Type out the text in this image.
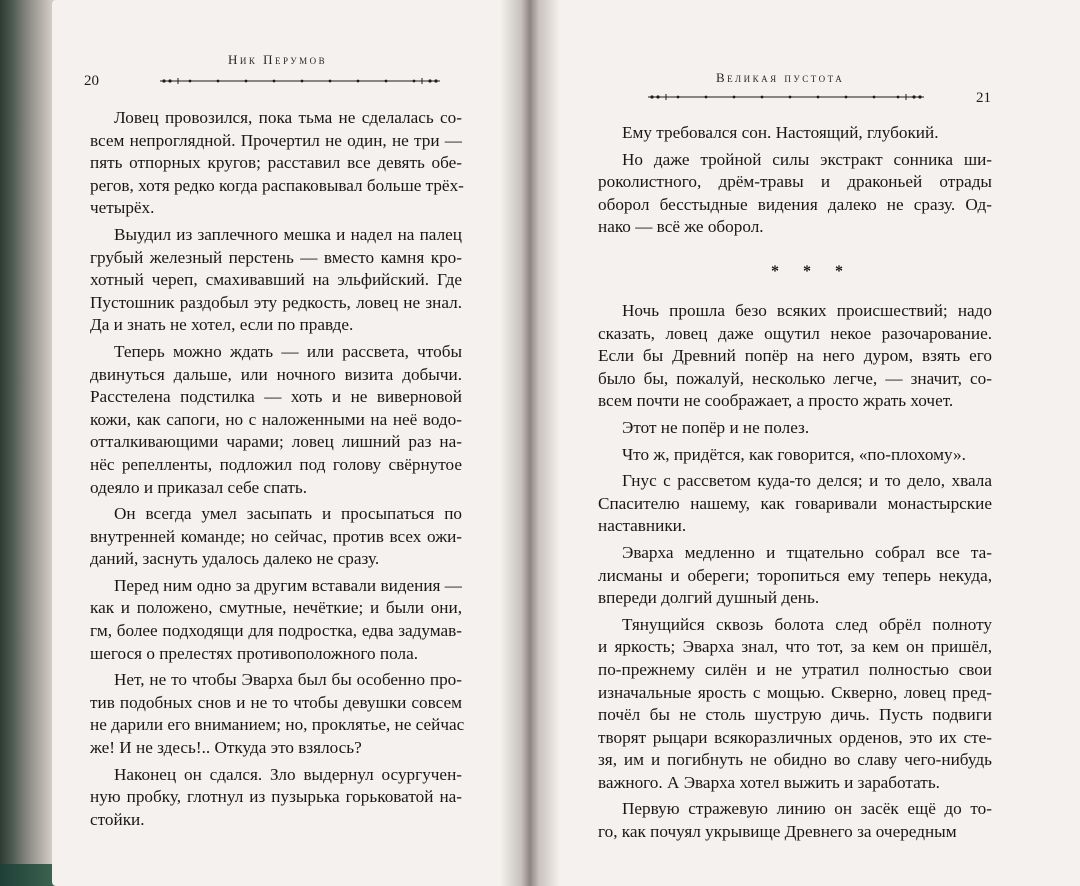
20
Ник Перумов
Великая пустота
21
Ловец провозился, пока тьма не сделалась со-
всем непроглядной. Прочертил не один, не три —
пять отпорных кругов; расставил все девять обе-
регов, хотя редко когда распаковывал больше трёх-
четырёх.
Выудил из заплечного мешка и надел на палец
грубый железный перстень — вместо камня кро-
хотный череп, смахивавший на эльфийский. Где
Пустошник раздобыл эту редкость, ловец не знал.
Да и знать не хотел, если по правде.
Теперь можно ждать — или рассвета, чтобы
двинуться дальше, или ночного визита добычи.
Расстелена подстилка — хоть и не виверновой
кожи, как сапоги, но с наложенными на неё водо-
отталкивающими чарами; ловец лишний раз на-
нёс репелленты, подложил под голову свёрнутое
одеяло и приказал себе спать.
Он всегда умел засыпать и просыпаться по
внутренней команде; но сейчас, против всех ожи-
даний, заснуть удалось далеко не сразу.
Перед ним одно за другим вставали видения —
как и положено, смутные, нечёткие; и были они,
гм, более подходящи для подростка, едва задумав-
шегося о прелестях противоположного пола.
Нет, не то чтобы Эварха был бы особенно про-
тив подобных снов и не то чтобы девушки совсем
не дарили его вниманием; но, проклятье, не сейчас
же! И не здесь!.. Откуда это взялось?
Наконец он сдался. Зло выдернул осургучен-
ную пробку, глотнул из пузырька горьковатой на-
стойки.
Ему требовался сон. Настоящий, глубокий.
Но даже тройной силы экстракт сонника ши-
роколистного, дрём-травы и драконьей отрады
оборол бесстыдные видения далеко не сразу. Од-
нако — всё же оборол.
* * *
Ночь прошла безо всяких происшествий; надо
сказать, ловец даже ощутил некое разочарование.
Если бы Древний попёр на него дуром, взять его
было бы, пожалуй, несколько легче, — значит, со-
всем почти не соображает, а просто жрать хочет.
Этот не попёр и не полез.
Что ж, придётся, как говорится, «по-плохому».
Гнус с рассветом куда-то делся; и то дело, хвала
Спасителю нашему, как говаривали монастырские
наставники.
Эварха медленно и тщательно собрал все та-
лисманы и обереги; торопиться ему теперь некуда,
впереди долгий душный день.
Тянущийся сквозь болота след обрёл полноту
и яркость; Эварха знал, что тот, за кем он пришёл,
по-прежнему силён и не утратил полностью свои
изначальные ярость с мощью. Скверно, ловец пред-
почёл бы не столь шуструю дичь. Пусть подвиги
творят рыцари всякоразличных орденов, это их сте-
зя, им и погибнуть не обидно во славу чего-нибудь
важного. А Эварха хотел выжить и заработать.
Первую стражевую линию он засёк ещё до то-
го, как почуял укрывище Древнего за очередным
